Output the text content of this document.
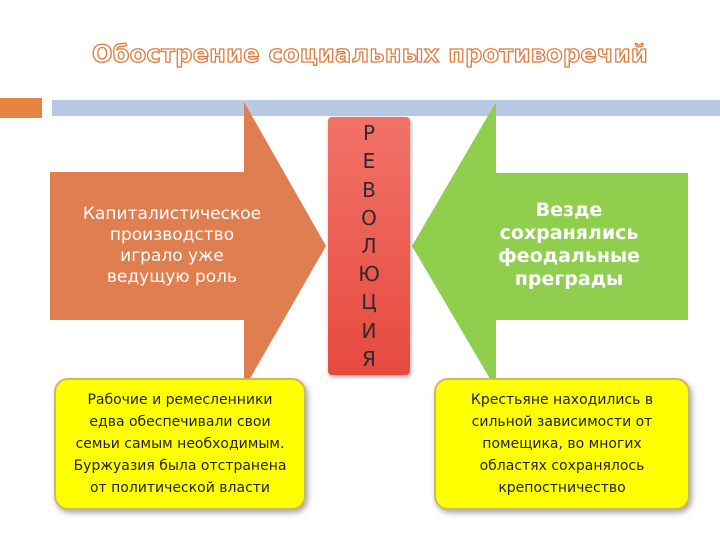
Обострение социальных противоречий
Капиталистическое
производство
играло уже
ведущую роль
Везде
сохранялись
феодальные
преграды
Р
Е
В
О
Л
Ю
Ц
И
Я
Рабочие и ремесленники
едва обеспечивали свои
семьи самым необходимым.
Буржуазия была отстранена
от политической власти
Крестьяне находились в
сильной зависимости от
помещика, во многих
областях сохранялось
крепостничество
